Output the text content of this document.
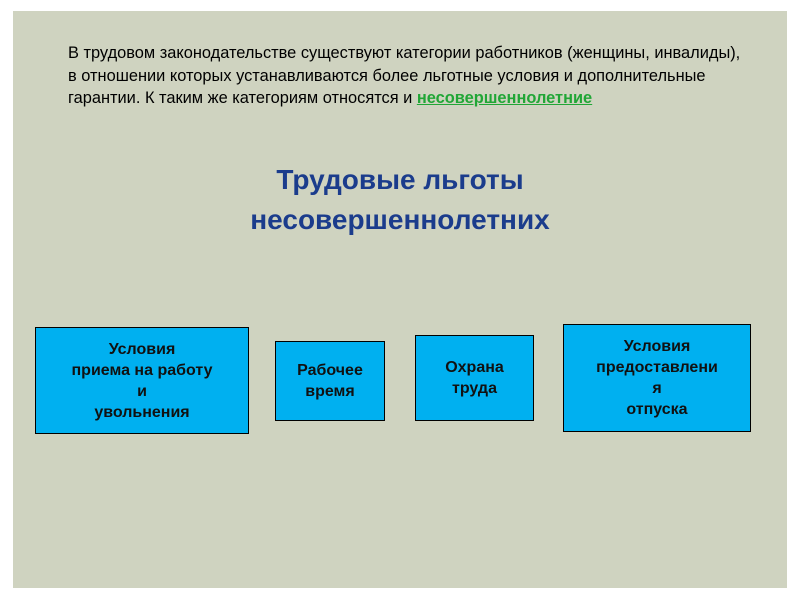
В трудовом законодательстве существуют категории работников (женщины, инвалиды), в отношении которых устанавливаются более льготные условия и дополнительные гарантии. К таким же категориям относятся и несовершеннолетние

Трудовые льготы
несовершеннолетних
Условия
приема на работу
и
увольнения
Рабочее
время
Охрана
труда
Условия
предоставлени
я
отпуска
